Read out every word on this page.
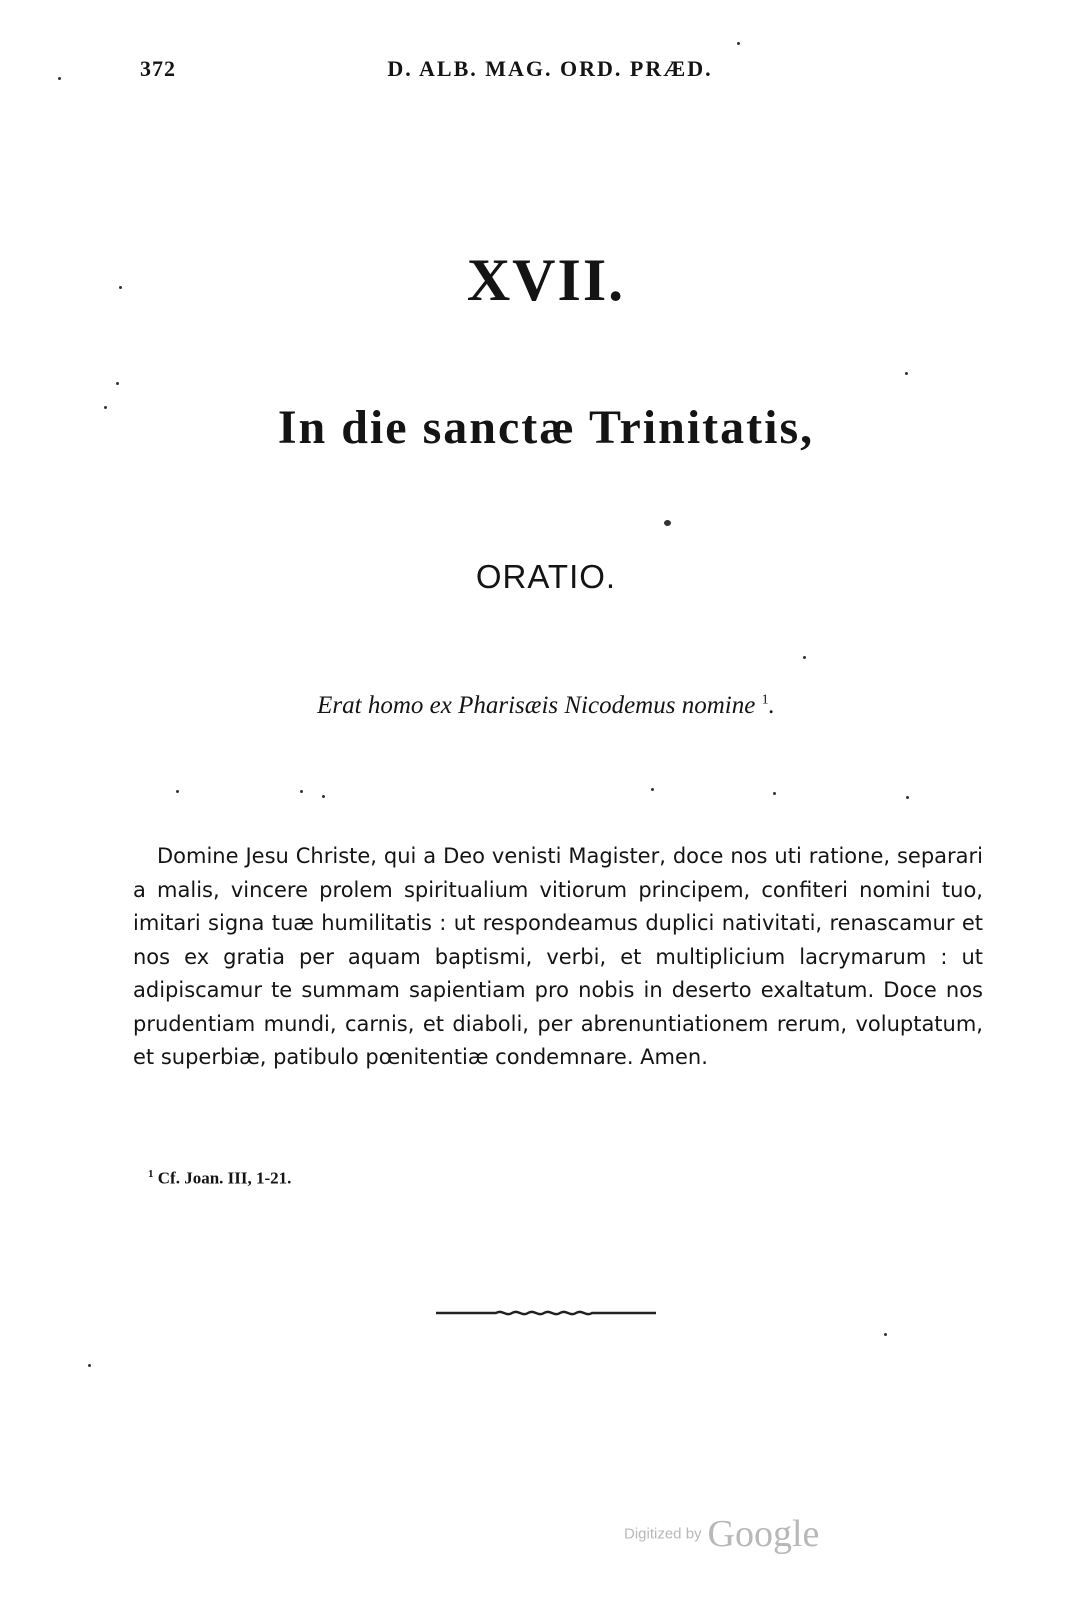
372	D. ALB. MAG. ORD. PRÆD.
XVII.
In die sanctæ Trinitatis,
ORATIO.
Erat homo ex Pharisæis Nicodemus nomine $^1$.

Domine Jesu Christe, qui a Deo venisti Magister, doce nos uti ratione, separari a malis, vincere prolem spiritualium vitiorum principem, confiteri nomini tuo, imitari signa tuæ humilitatis : ut respondeamus duplici nativitati, renascamur et nos ex gratia per aquam baptismi, verbi, et multiplicium lacrymarum : ut adipiscamur te summam sapientiam pro nobis in deserto exaltatum. Doce nos prudentiam mundi, carnis, et diaboli, per abrenuntiationem rerum, voluptatum, et superbiæ, patibulo pœnitentiæ condemnare. Amen.

$^1$ Cf. Joan. III, 1-21.
Digitized by Google
